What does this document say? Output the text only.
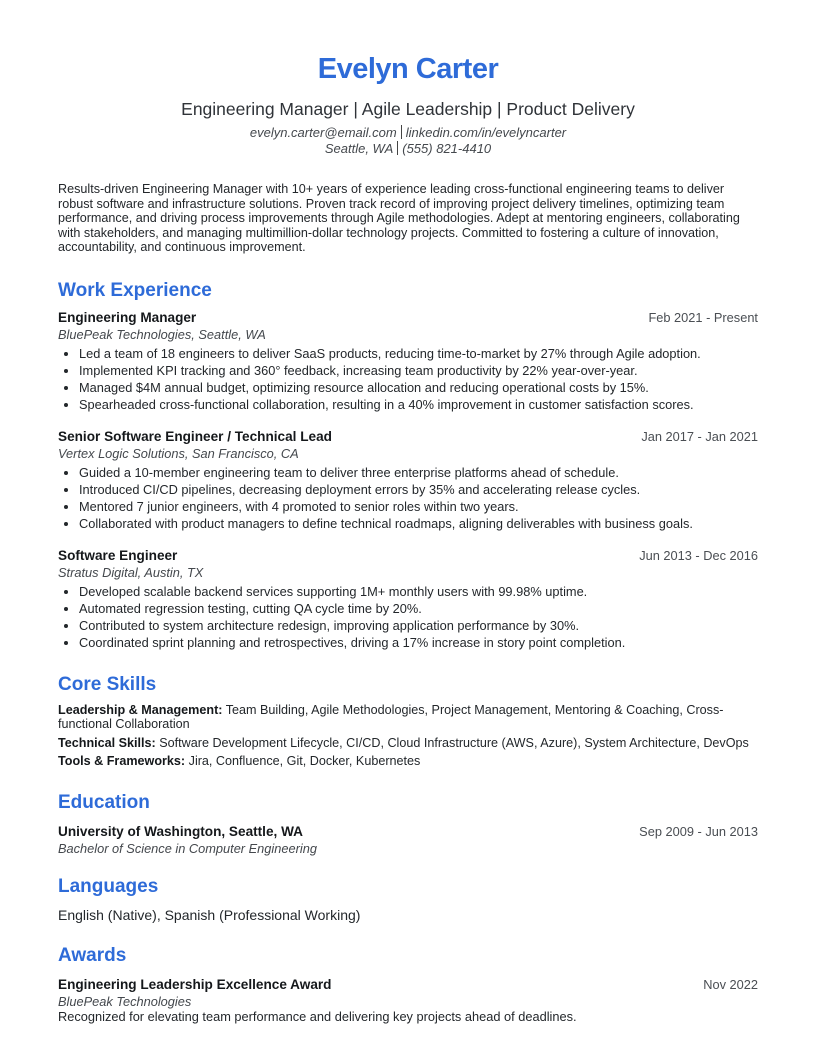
Evelyn Carter
Engineering Manager | Agile Leadership | Product Delivery
evelyn.carter@email.com linkedin.com/in/evelyncarter
Seattle, WA (555) 821-4410
Results-driven Engineering Manager with 10+ years of experience leading cross-functional engineering teams to deliver robust software and infrastructure solutions. Proven track record of improving project delivery timelines, optimizing team performance, and driving process improvements through Agile methodologies. Adept at mentoring engineers, collaborating with stakeholders, and managing multimillion-dollar technology projects. Committed to fostering a culture of innovation, accountability, and continuous improvement.
Work Experience
Engineering Manager	Feb 2021 - Present
BluePeak Technologies, Seattle, WA
• Led a team of 18 engineers to deliver SaaS products, reducing time-to-market by 27% through Agile adoption.
• Implemented KPI tracking and 360° feedback, increasing team productivity by 22% year-over-year.
• Managed $4M annual budget, optimizing resource allocation and reducing operational costs by 15%.
• Spearheaded cross-functional collaboration, resulting in a 40% improvement in customer satisfaction scores.
Senior Software Engineer / Technical Lead	Jan 2017 - Jan 2021
Vertex Logic Solutions, San Francisco, CA
• Guided a 10-member engineering team to deliver three enterprise platforms ahead of schedule.
• Introduced CI/CD pipelines, decreasing deployment errors by 35% and accelerating release cycles.
• Mentored 7 junior engineers, with 4 promoted to senior roles within two years.
• Collaborated with product managers to define technical roadmaps, aligning deliverables with business goals.
Software Engineer	Jun 2013 - Dec 2016
Stratus Digital, Austin, TX
• Developed scalable backend services supporting 1M+ monthly users with 99.98% uptime.
• Automated regression testing, cutting QA cycle time by 20%.
• Contributed to system architecture redesign, improving application performance by 30%.
• Coordinated sprint planning and retrospectives, driving a 17% increase in story point completion.
Core Skills
Leadership & Management: Team Building, Agile Methodologies, Project Management, Mentoring & Coaching, Cross-functional Collaboration
Technical Skills: Software Development Lifecycle, CI/CD, Cloud Infrastructure (AWS, Azure), System Architecture, DevOps
Tools & Frameworks: Jira, Confluence, Git, Docker, Kubernetes
Education
University of Washington, Seattle, WA	Sep 2009 - Jun 2013
Bachelor of Science in Computer Engineering
Languages
English (Native), Spanish (Professional Working)
Awards
Engineering Leadership Excellence Award	Nov 2022
BluePeak Technologies
Recognized for elevating team performance and delivering key projects ahead of deadlines.
